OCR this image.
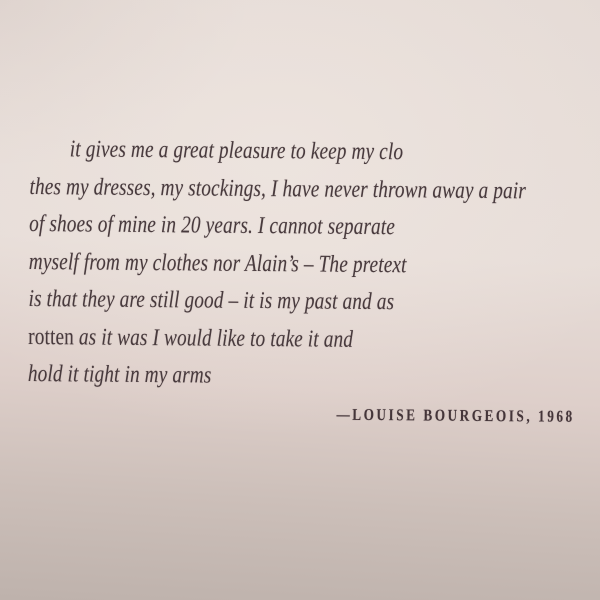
it gives me a great pleasure to keep my clo
thes my dresses, my stockings, I have never thrown away a pair
of shoes of mine in 20 years. I cannot separate
myself from my clothes nor Alain’s – The pretext
is that they are still good – it is my past and as
rotten as it was I would like to take it and
hold it tight in my arms
—LOUISE BOURGEOIS, 1968
